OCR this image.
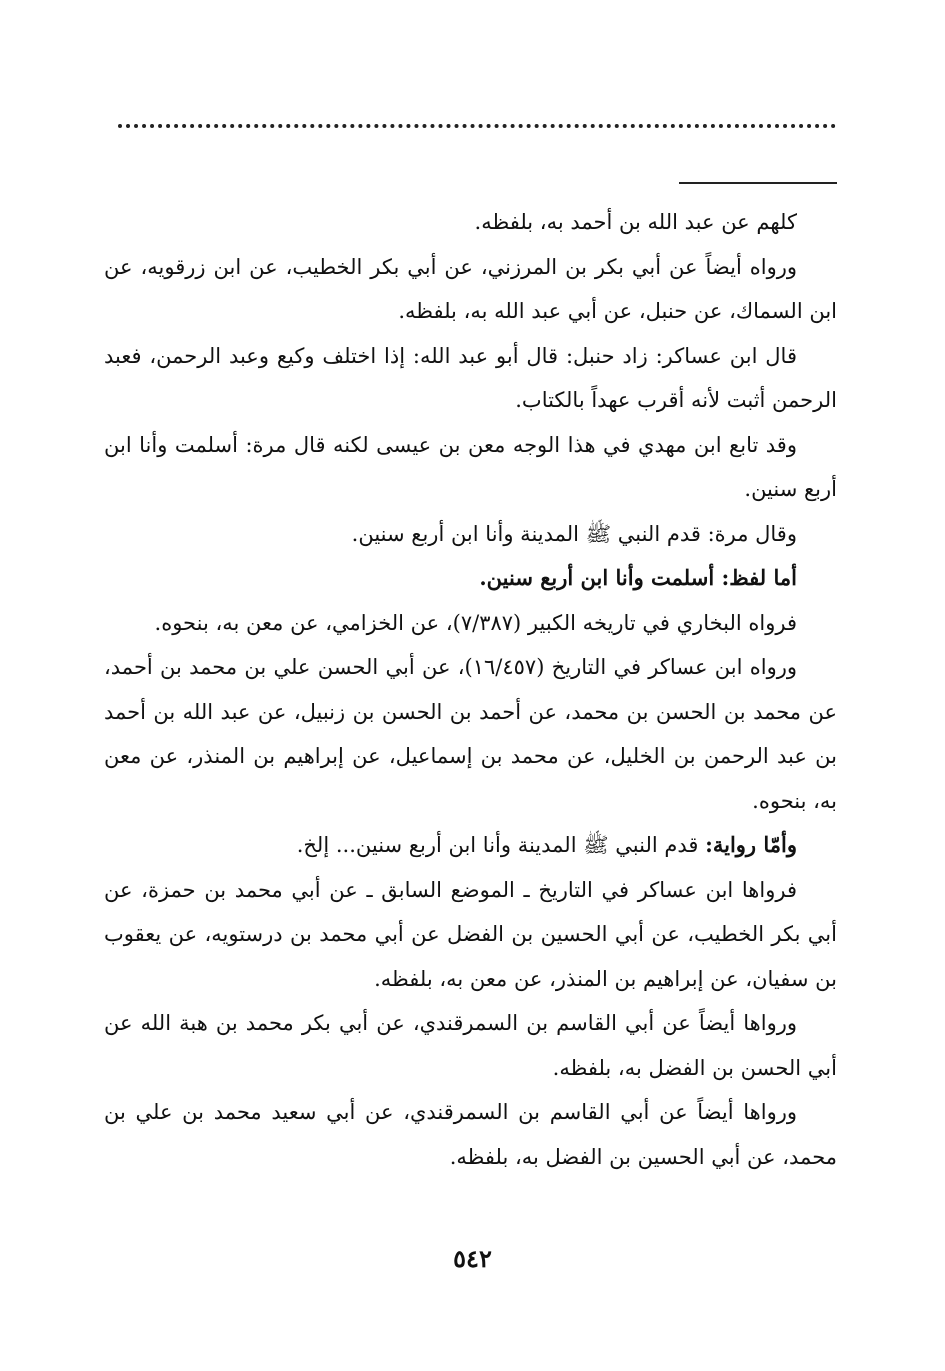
كلهم عن عبد الله بن أحمد به، بلفظه.

ورواه أيضاً عن أبي بكر بن المرزني، عن أبي بكر الخطيب، عن ابن زرقويه، عن ابن السماك، عن حنبل، عن أبي عبد الله به، بلفظه.

قال ابن عساكر: زاد حنبل: قال أبو عبد الله: إذا اختلف وكيع وعبد الرحمن، فعبد الرحمن أثبت لأنه أقرب عهداً بالكتاب.

وقد تابع ابن مهدي في هذا الوجه معن بن عيسى لكنه قال مرة: أسلمت وأنا ابن أربع سنين.

وقال مرة: قدم النبي ﷺ المدينة وأنا ابن أربع سنين.

أما لفظ: أسلمت وأنا ابن أربع سنين.

فرواه البخاري في تاريخه الكبير (٧/٣٨٧)، عن الخزامي، عن معن به، بنحوه.

ورواه ابن عساكر في التاريخ (١٦/٤٥٧)، عن أبي الحسن علي بن محمد بن أحمد، عن محمد بن الحسن بن محمد، عن أحمد بن الحسن بن زنبيل، عن عبد الله بن أحمد بن عبد الرحمن بن الخليل، عن محمد بن إسماعيل، عن إبراهيم بن المنذر، عن معن به، بنحوه.

وأمّا رواية: قدم النبي ﷺ المدينة وأنا ابن أربع سنين... إلخ.

فرواها ابن عساكر في التاريخ ـ الموضع السابق ـ عن أبي محمد بن حمزة، عن أبي بكر الخطيب، عن أبي الحسين بن الفضل عن أبي محمد بن درستويه، عن يعقوب بن سفيان، عن إبراهيم بن المنذر، عن معن به، بلفظه.

ورواها أيضاً عن أبي القاسم بن السمرقندي، عن أبي بكر محمد بن هبة الله عن أبي الحسن بن الفضل به، بلفظه.

ورواها أيضاً عن أبي القاسم بن السمرقندي، عن أبي سعيد محمد بن علي بن محمد، عن أبي الحسين بن الفضل به، بلفظه.

٥٤٢
